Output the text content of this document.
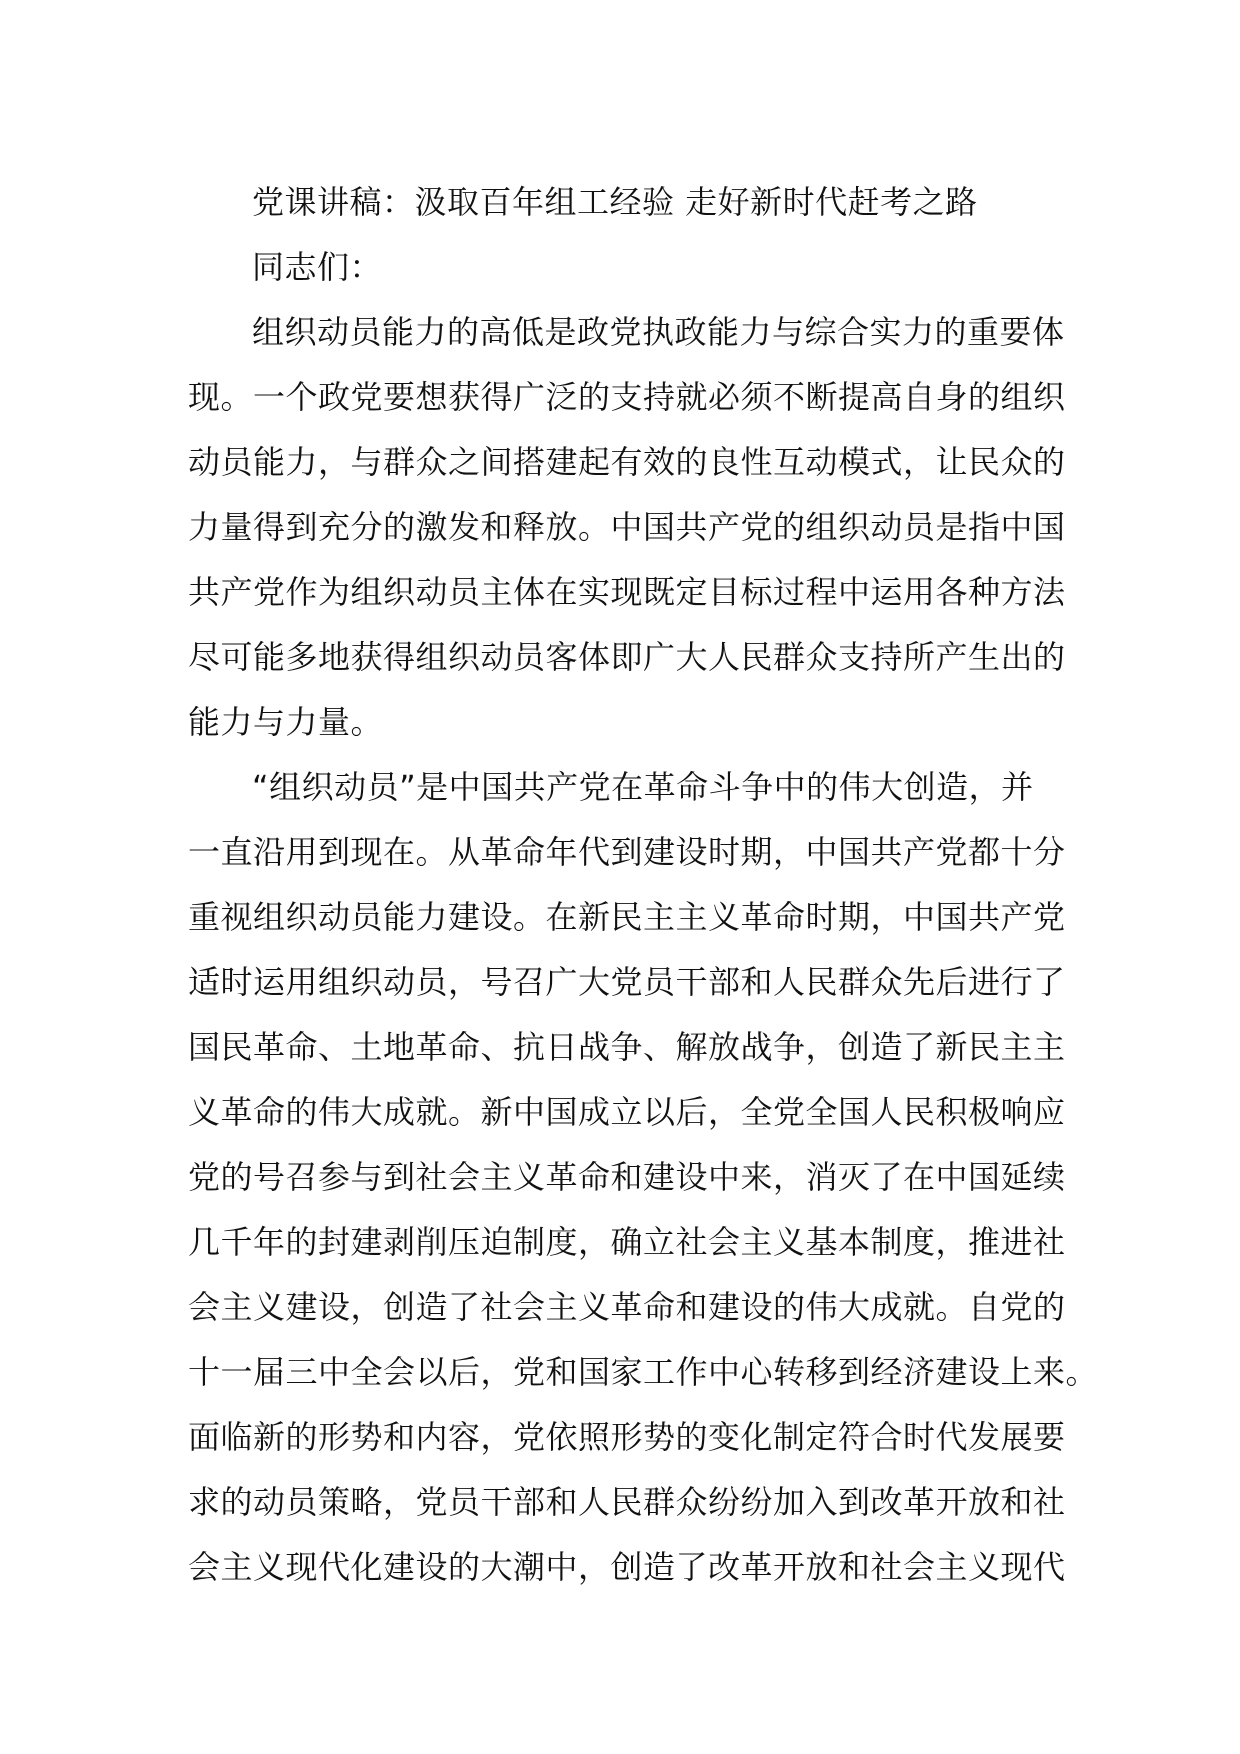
党课讲稿：汲取百年组工经验 走好新时代赶考之路
同志们：
组织动员能力的高低是政党执政能力与综合实力的重要体
现。一个政党要想获得广泛的支持就必须不断提高自身的组织
动员能力，与群众之间搭建起有效的良性互动模式，让民众的
力量得到充分的激发和释放。中国共产党的组织动员是指中国
共产党作为组织动员主体在实现既定目标过程中运用各种方法
尽可能多地获得组织动员客体即广大人民群众支持所产生出的
能力与力量。
“组织动员”是中国共产党在革命斗争中的伟大创造，并
一直沿用到现在。从革命年代到建设时期，中国共产党都十分
重视组织动员能力建设。在新民主主义革命时期，中国共产党
适时运用组织动员，号召广大党员干部和人民群众先后进行了
国民革命、土地革命、抗日战争、解放战争，创造了新民主主
义革命的伟大成就。新中国成立以后，全党全国人民积极响应
党的号召参与到社会主义革命和建设中来，消灭了在中国延续
几千年的封建剥削压迫制度，确立社会主义基本制度，推进社
会主义建设，创造了社会主义革命和建设的伟大成就。自党的
十一届三中全会以后，党和国家工作中心转移到经济建设上来。
面临新的形势和内容，党依照形势的变化制定符合时代发展要
求的动员策略，党员干部和人民群众纷纷加入到改革开放和社
会主义现代化建设的大潮中，创造了改革开放和社会主义现代
